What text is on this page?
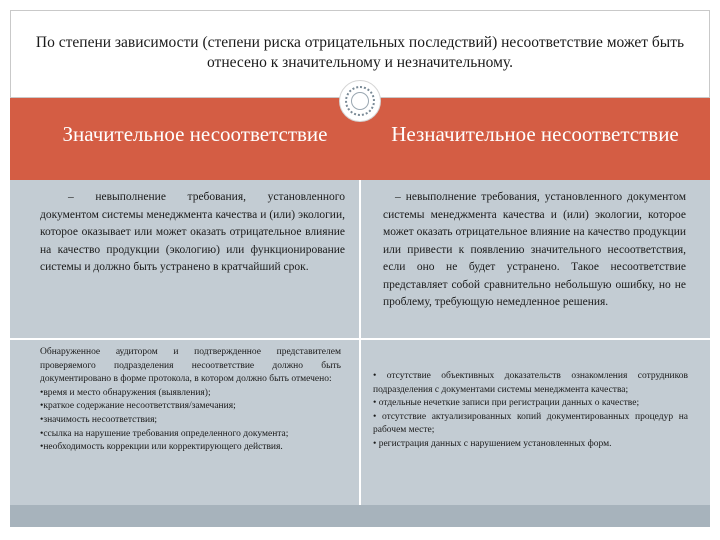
По степени зависимости (степени риска отрицательных последствий) несоответствие может быть отнесено к значительному и незначительному.
Значительное несоответствие	Незначительное несоответствие

– невыполнение требования, установленного документом системы менеджмента качества и (или) экологии, которое оказывает или может оказать отрицательное влияние на качество продукции (экологию) или функционирование системы и должно быть устранено в кратчайший срок.

– невыполнение требования, установленного документом системы менеджмента качества и (или) экологии, которое может оказать отрицательное влияние на качество продукции или привести к появлению значительного несоответствия, если оно не будет устранено. Такое несоответствие представляет собой сравнительно небольшую ошибку, но не проблему, требующую немедленное решения.

Обнаруженное аудитором и подтвержденное представителем проверяемого подразделения несоответствие должно быть документировано в форме протокола, в котором должно быть отмечено:

•время и место обнаружения (выявления);

•краткое содержание несоответствия/замечания;

•значимость несоответствия;

•ссылка на нарушение требования определенного документа;

•необходимость коррекции или корректирующего действия.

• отсутствие объективных доказательств ознакомления сотрудников подразделения с документами системы менеджмента качества;

• отдельные нечеткие записи при регистрации данных о качестве;

• отсутствие актуализированных копий документированных процедур на рабочем месте;

• регистрация данных с нарушением установленных форм.
